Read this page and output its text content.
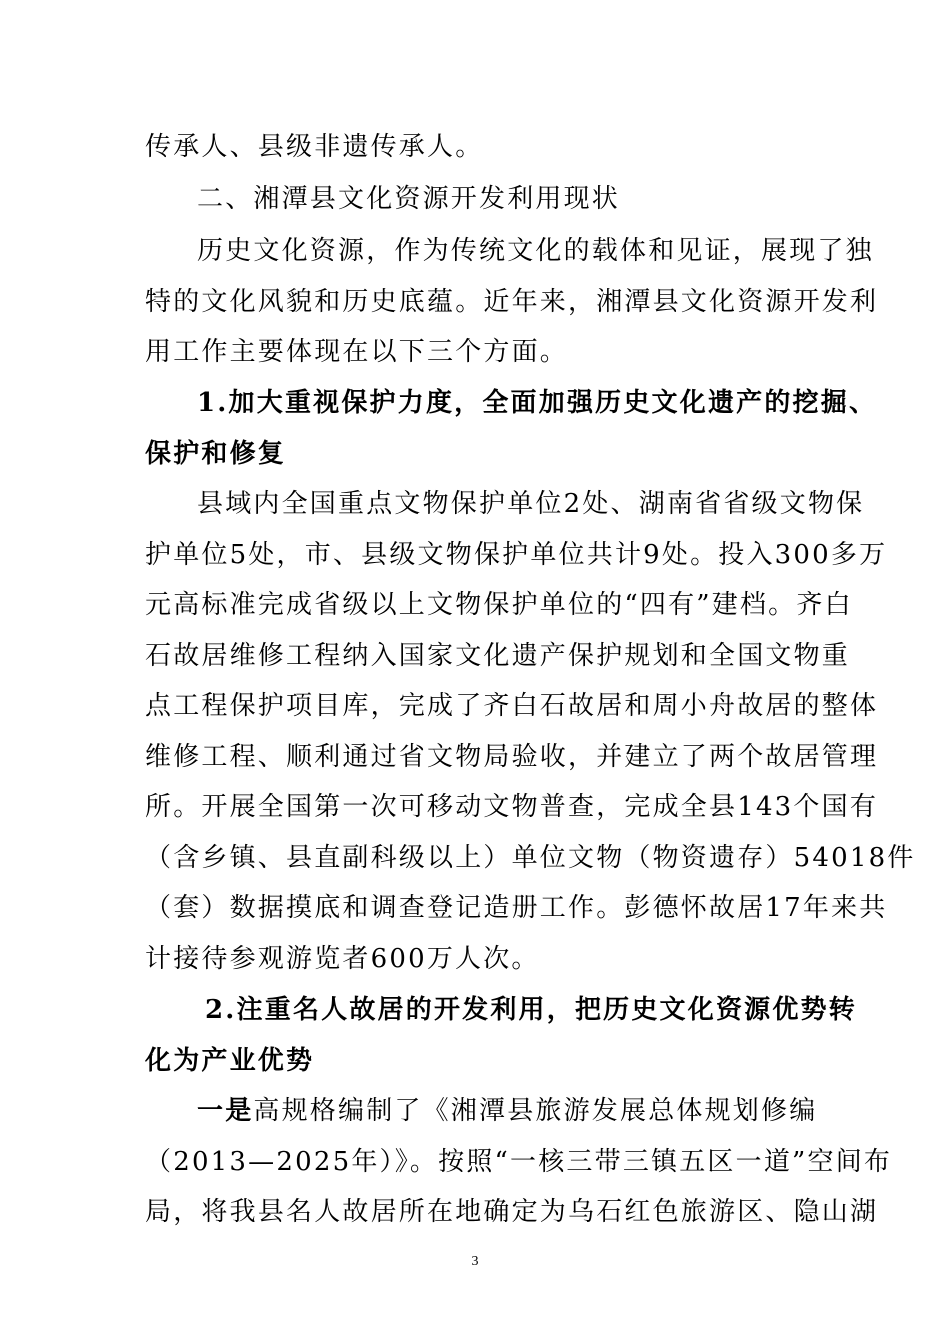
传承人、县级非遗传承人。
二、湘潭县文化资源开发利用现状
历史文化资源，作为传统文化的载体和见证，展现了独
特的文化风貌和历史底蕴。近年来，湘潭县文化资源开发利
用工作主要体现在以下三个方面。
1.加大重视保护力度，全面加强历史文化遗产的挖掘、
保护和修复
县域内全国重点文物保护单位2处、湖南省省级文物保
护单位5处，市、县级文物保护单位共计9处。投入300多万
元高标准完成省级以上文物保护单位的“四有”建档。齐白
石故居维修工程纳入国家文化遗产保护规划和全国文物重
点工程保护项目库，完成了齐白石故居和周小舟故居的整体
维修工程、顺利通过省文物局验收，并建立了两个故居管理
所。开展全国第一次可移动文物普查，完成全县143个国有
（含乡镇、县直副科级以上）单位文物（物资遗存）54018件
（套）数据摸底和调查登记造册工作。彭德怀故居17年来共
计接待参观游览者600万人次。
2.注重名人故居的开发利用，把历史文化资源优势转
化为产业优势
一是高规格编制了《湘潭县旅游发展总体规划修编
（2013—2025年）》。按照“一核三带三镇五区一道”空间布
局，将我县名人故居所在地确定为乌石红色旅游区、隐山湖
3
